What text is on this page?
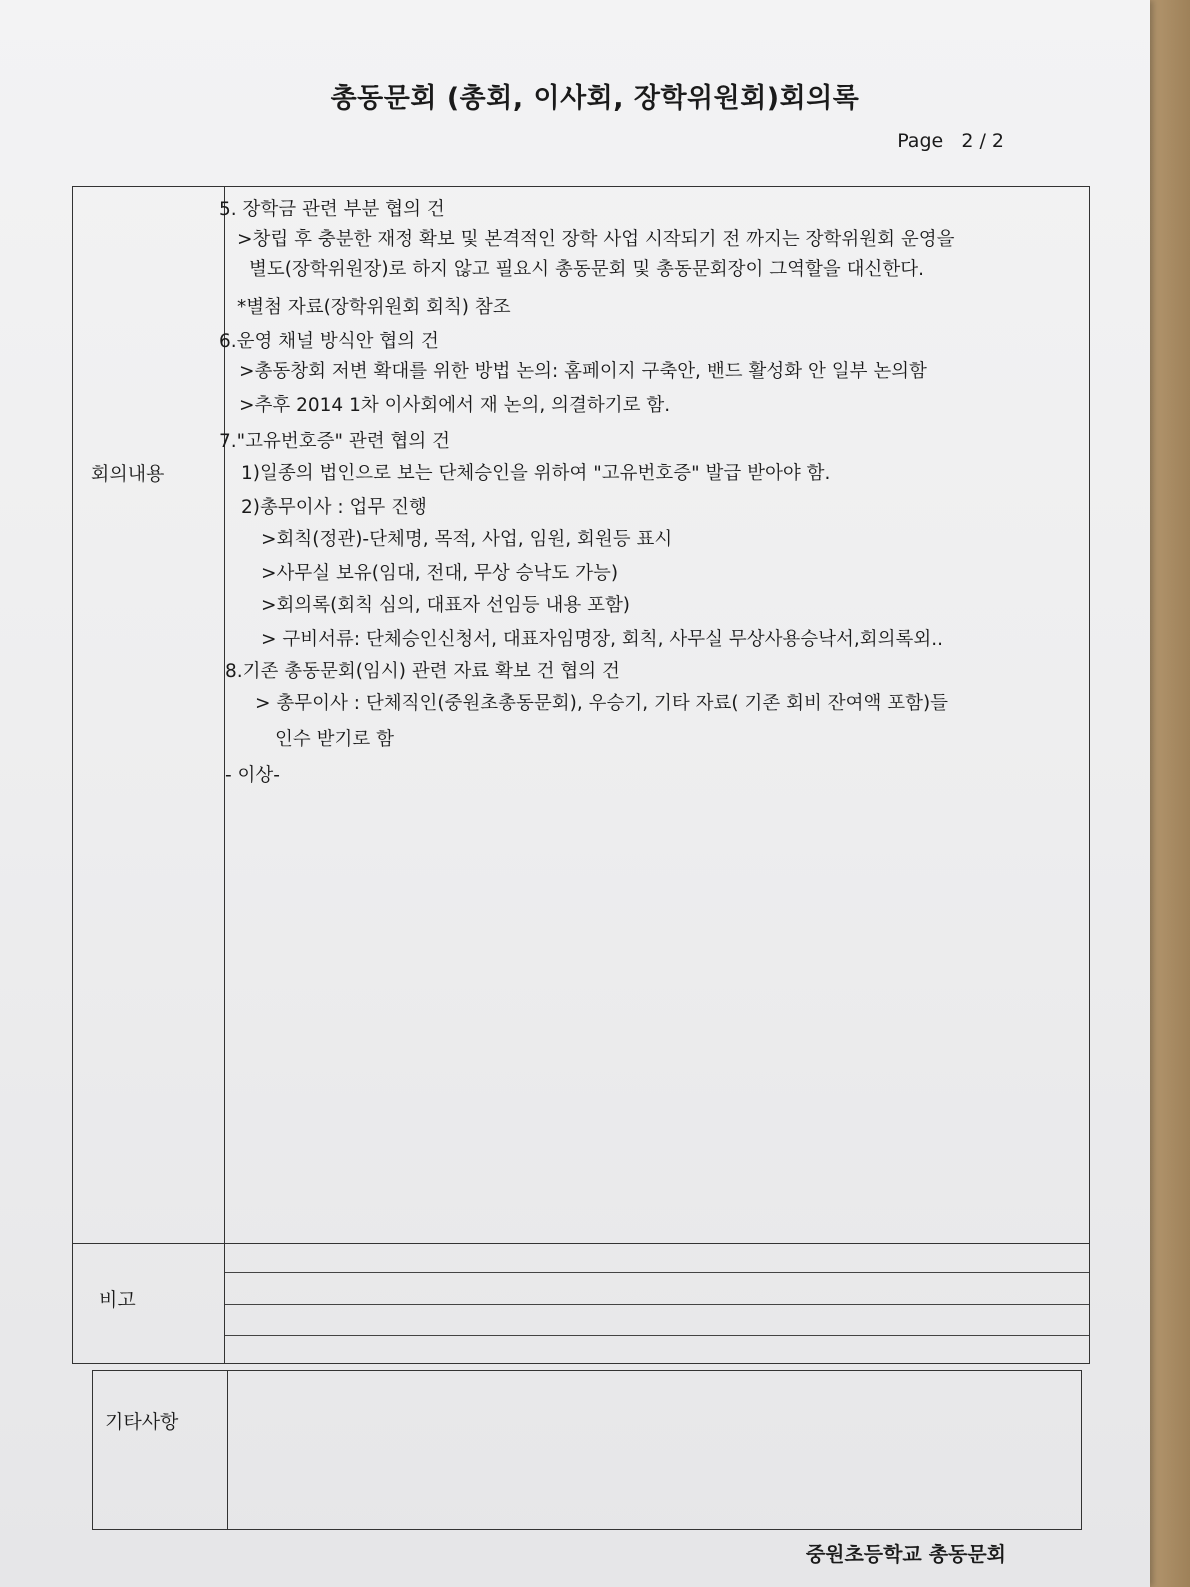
총동문회 (총회, 이사회, 장학위원회)회의록
Page 2 / 2
회의내용
5. 장학금 관련 부분 협의 건
>창립 후 충분한 재정 확보 및 본격적인 장학 사업 시작되기 전 까지는 장학위원회 운영을
별도(장학위원장)로 하지 않고 필요시 총동문회 및 총동문회장이 그역할을 대신한다.
*별첨 자료(장학위원회 회칙) 참조
6.운영 채널 방식안 협의 건
>총동창회 저변 확대를 위한 방법 논의: 홈페이지 구축안, 밴드 활성화 안 일부 논의함
>추후 2014 1차 이사회에서 재 논의, 의결하기로 함.
7."고유번호증" 관련 협의 건
1)일종의 법인으로 보는 단체승인을 위하여 "고유번호증" 발급 받아야 함.
2)총무이사 : 업무 진행
>회칙(정관)-단체명, 목적, 사업, 임원, 회원등 표시
>사무실 보유(임대, 전대, 무상 승낙도 가능)
>회의록(회칙 심의, 대표자 선임등 내용 포함)
> 구비서류: 단체승인신청서, 대표자임명장, 회칙, 사무실 무상사용승낙서,회의록외..
8.기존 총동문회(임시) 관련 자료 확보 건 협의 건
> 총무이사 : 단체직인(중원초총동문회), 우승기, 기타 자료( 기존 회비 잔여액 포함)들
인수 받기로 함
- 이상-
비고
기타사항
중원초등학교 총동문회
